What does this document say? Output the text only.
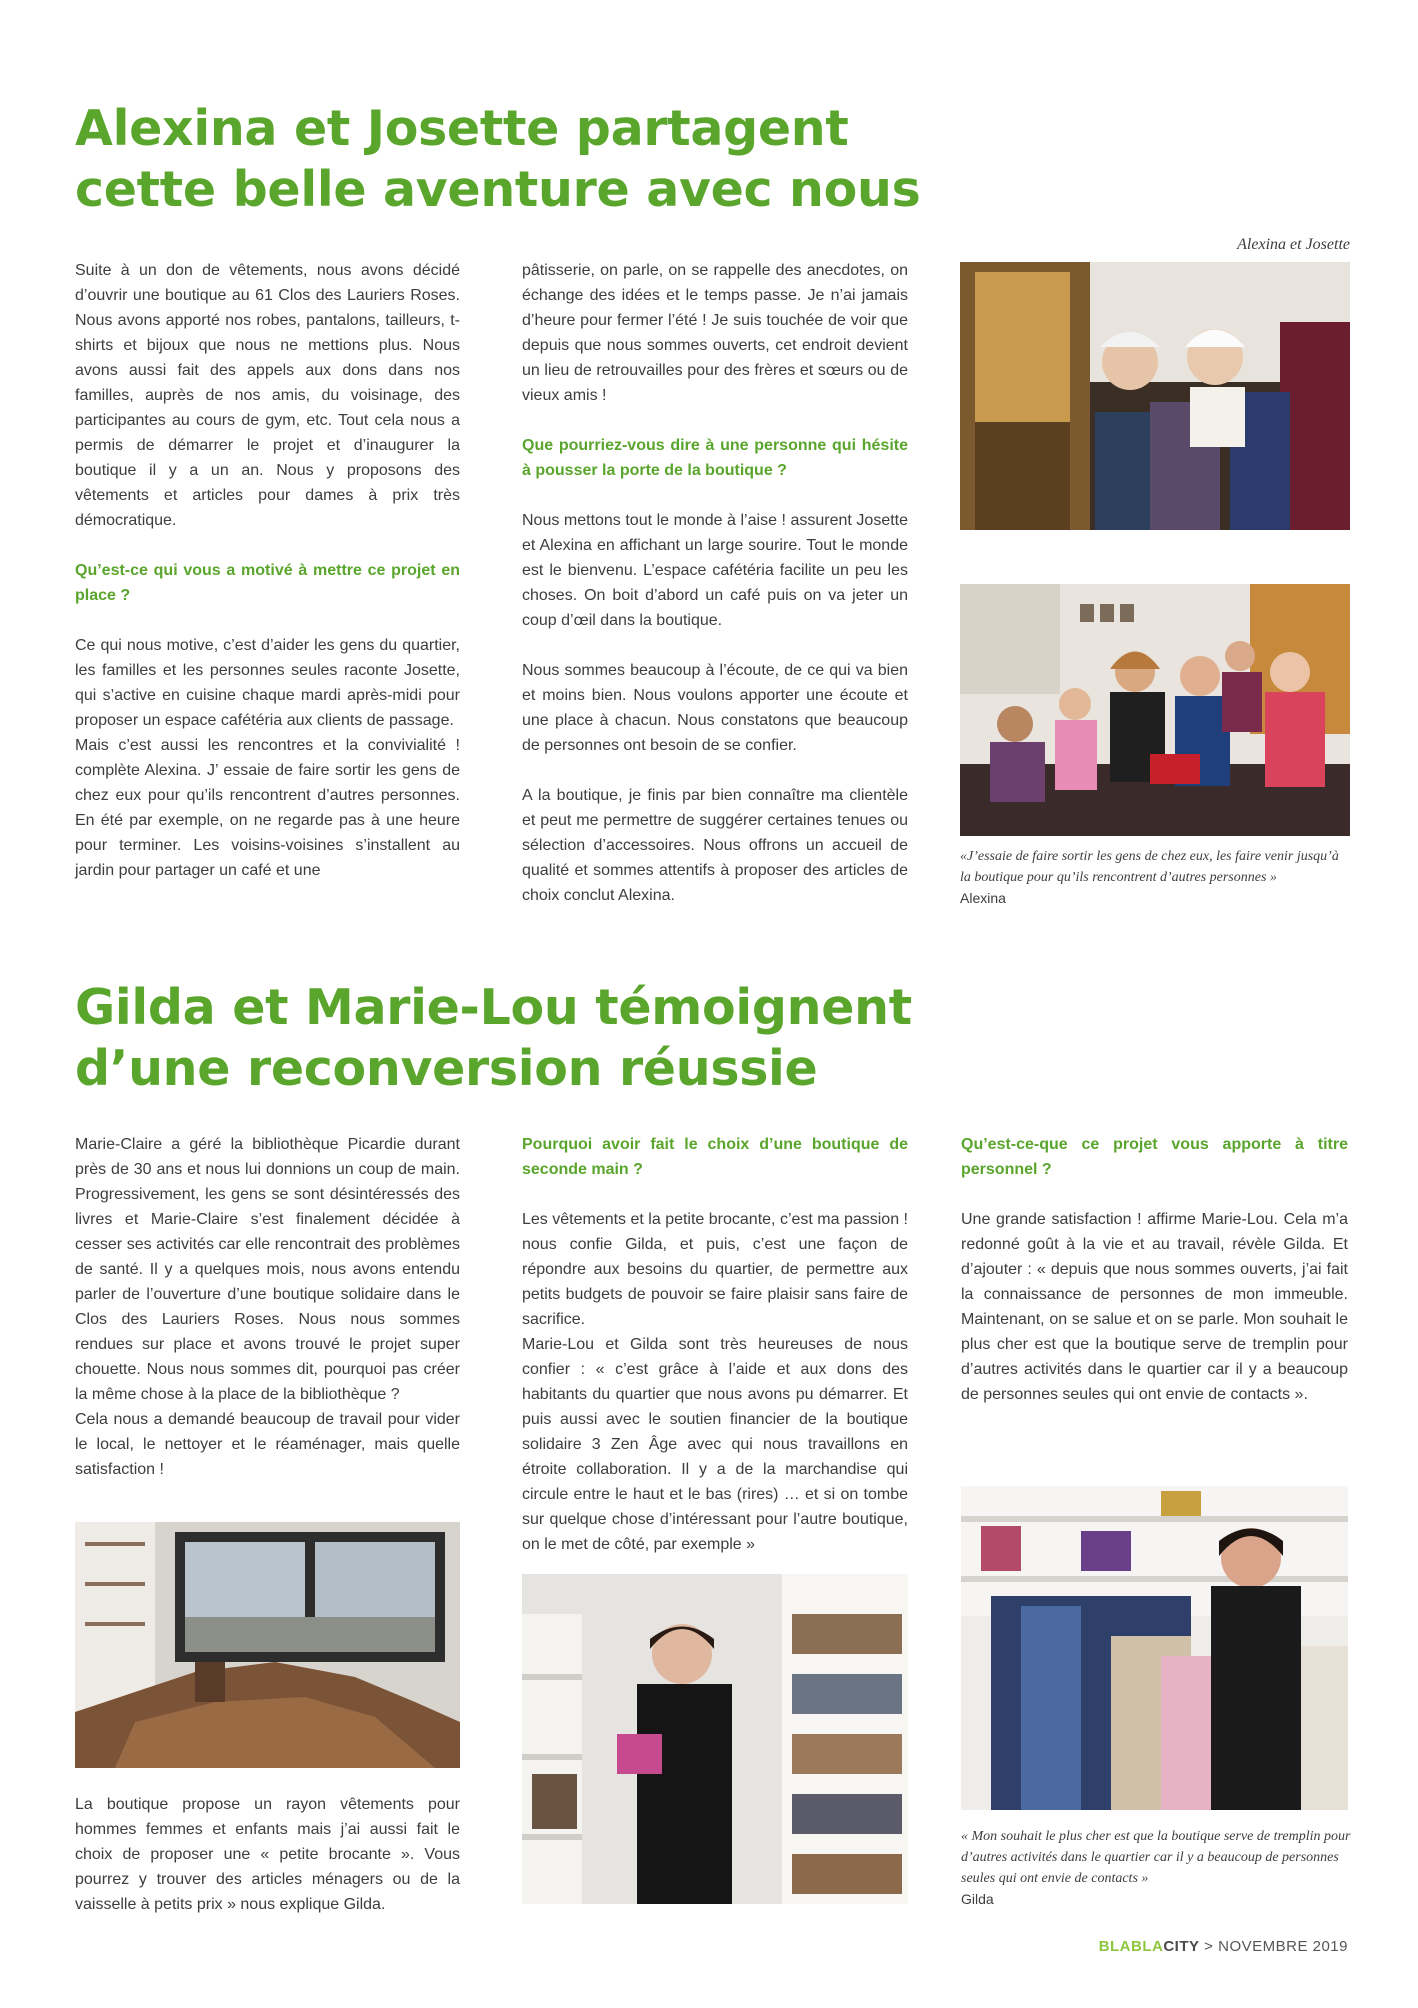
Alexina et Josette partagent
cette belle aventure avec nous

Suite à un don de vêtements, nous avons décidé d’ouvrir une boutique au 61 Clos des Lauriers Roses. Nous avons apporté nos robes, pantalons, tailleurs, t-shirts et bijoux que nous ne mettions plus. Nous avons aussi fait des appels aux dons dans nos familles, auprès de nos amis, du voisinage, des participantes au cours de gym, etc. Tout cela nous a permis de démarrer le projet et d’inaugurer la boutique il y a un an. Nous y proposons des vêtements et articles pour dames à prix très démocratique.

Qu’est-ce qui vous a motivé à mettre ce projet en place ?

Ce qui nous motive, c’est d’aider les gens du quartier, les familles et les personnes seules raconte Josette, qui s’active en cuisine chaque mardi après-midi pour proposer un espace cafétéria aux clients de passage.

Mais c’est aussi les rencontres et la convivialité ! complète Alexina. J’ essaie de faire sortir les gens de chez eux pour qu’ils rencontrent d’autres personnes. En été par exemple, on ne regarde pas à une heure pour terminer. Les voisins-voisines s’installent au jardin pour partager un café et une

pâtisserie, on parle, on se rappelle des anecdotes, on échange des idées et le temps passe. Je n’ai jamais d’heure pour fermer l’été ! Je suis touchée de voir que depuis que nous sommes ouverts, cet endroit devient un lieu de retrouvailles pour des frères et sœurs ou de vieux amis !

Que pourriez-vous dire à une personne qui hésite à pousser la porte de la boutique ?

Nous mettons tout le monde à l’aise ! assurent Josette et Alexina en affichant un large sourire. Tout le monde est le bienvenu. L’espace cafétéria facilite un peu les choses. On boit d’abord un café puis on va jeter un coup d’œil dans la boutique.

Nous sommes beaucoup à l’écoute, de ce qui va bien et moins bien. Nous voulons apporter une écoute et une place à chacun. Nous constatons que beaucoup de personnes ont besoin de se confier.

A la boutique, je finis par bien connaître ma clientèle et peut me permettre de suggérer certaines tenues ou sélection d’accessoires. Nous offrons un accueil de qualité et sommes attentifs à proposer des articles de choix conclut Alexina.

Alexina et Josette
«J’essaie de faire sortir les gens de chez eux, les faire venir jusqu’à la boutique pour qu’ils rencontrent d’autres personnes »
Alexina
Gilda et Marie-Lou témoignent
d’une reconversion réussie

Marie-Claire a géré la bibliothèque Picardie durant près de 30 ans et nous lui donnions un coup de main. Progressivement, les gens se sont désintéressés des livres et Marie-Claire s’est finalement décidée à cesser ses activités car elle rencontrait des problèmes de santé. Il y a quelques mois, nous avons entendu parler de l’ouverture d’une boutique solidaire dans le Clos des Lauriers Roses. Nous nous sommes rendues sur place et avons trouvé le projet super chouette. Nous nous sommes dit, pourquoi pas créer la même chose à la place de la bibliothèque ?

Cela nous a demandé beaucoup de travail pour vider le local, le nettoyer et le réaménager, mais quelle satisfaction !

La boutique propose un rayon vêtements pour hommes femmes et enfants mais j’ai aussi fait le choix de proposer une « petite brocante ». Vous pourrez y trouver des articles ménagers ou de la vaisselle à petits prix » nous explique Gilda.

Pourquoi avoir fait le choix d’une boutique de seconde main ?

Les vêtements et la petite brocante, c’est ma passion ! nous confie Gilda, et puis, c’est une façon de répondre aux besoins du quartier, de permettre aux petits budgets de pouvoir se faire plaisir sans faire de sacrifice.

Marie-Lou et Gilda sont très heureuses de nous confier : « c’est grâce à l’aide et aux dons des habitants du quartier que nous avons pu démarrer. Et puis aussi avec le soutien financier de la boutique solidaire 3 Zen Âge avec qui nous travaillons en étroite collaboration. Il y a de la marchandise qui circule entre le haut et le bas (rires) … et si on tombe sur quelque chose d’intéressant pour l’autre boutique, on le met de côté, par exemple »

Qu’est-ce-que ce projet vous apporte à titre personnel ?

Une grande satisfaction ! affirme Marie-Lou. Cela m’a redonné goût à la vie et au travail, révèle Gilda. Et d’ajouter : « depuis que nous sommes ouverts, j’ai fait la connaissance de personnes de mon immeuble. Maintenant, on se salue et on se parle. Mon souhait le plus cher est que la boutique serve de tremplin pour d’autres activités dans le quartier car il y a beaucoup de personnes seules qui ont envie de contacts ».

« Mon souhait le plus cher est que la boutique serve de tremplin pour d’autres activités dans le quartier car il y a beaucoup de personnes seules qui ont envie de contacts »
Gilda
BLABLACITY > NOVEMBRE 2019
